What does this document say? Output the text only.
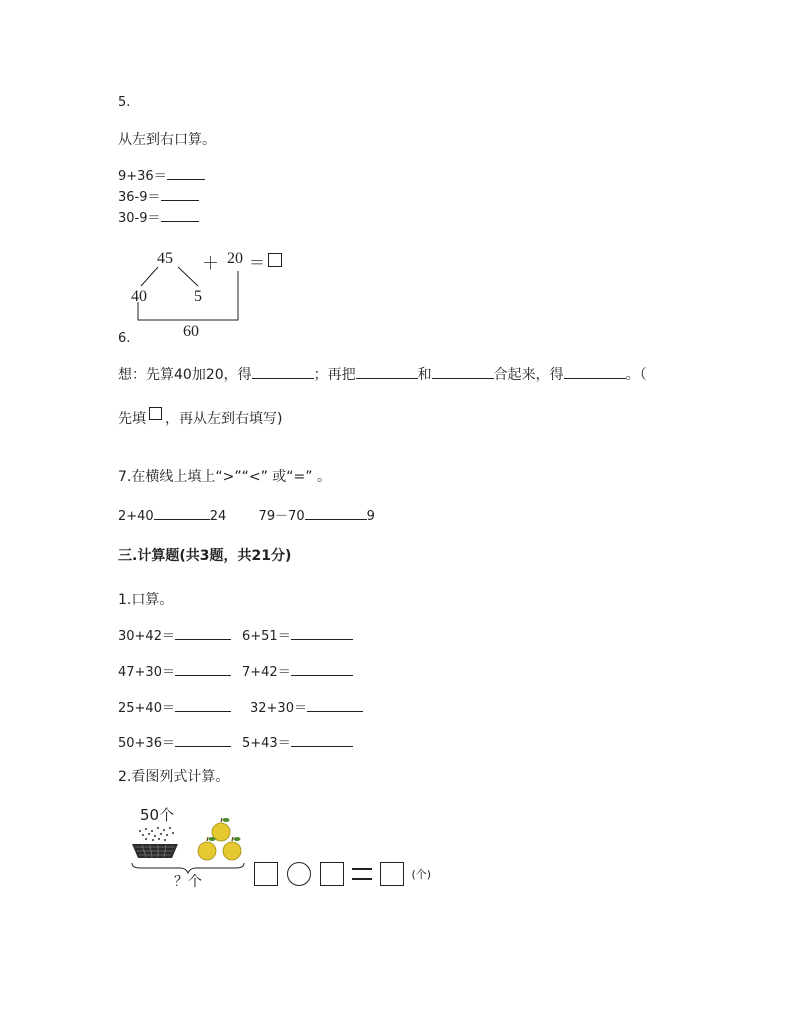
5.
从左到右口算。
9+36＝
36-9＝
30-9＝
45 ＋ 20 ＝
40	5
60
6.
想：先算40加20，得	；再把	和	合起来，得	。（
先填 ，再从左到右填写)
7.在横线上填上“>”“<” 或“=” 。
2+40	24 79－70	9
三.计算题(共3题，共21分)
1.口算。
30+42＝	6+51＝
47+30＝	7+42＝
25+40＝	32+30＝
50+36＝	5+43＝
2.看图列式计算。
50个
？个	(个)
